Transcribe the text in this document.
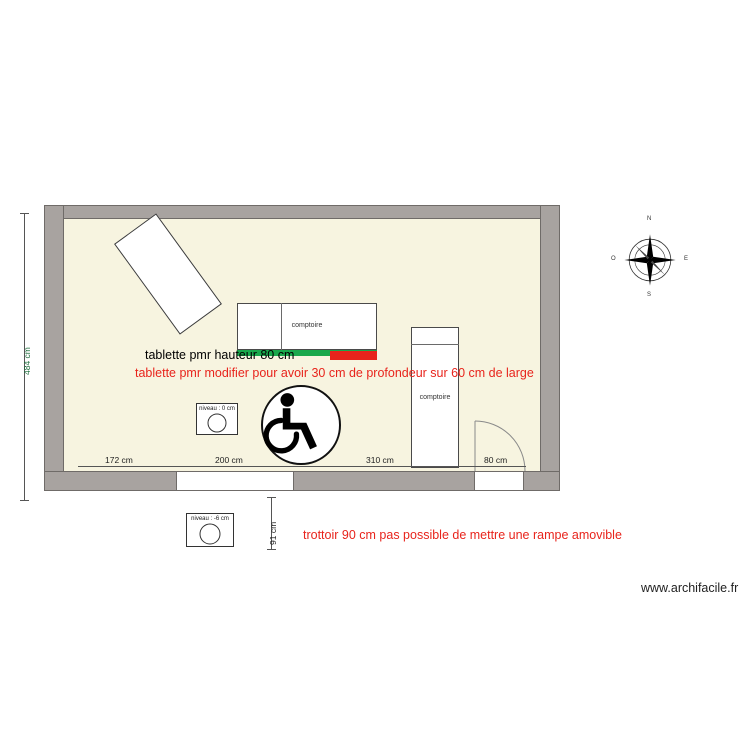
comptoire
comptoire
niveau : 0 cm
niveau : -6 cm
484 cm
172 cm	200 cm	310 cm	80 cm
91 cm
tablette pmr hauteur 80 cm
tablette pmr modifier pour avoir 30 cm de profondeur sur 60 cm de large
trottoir 90 cm pas possible de mettre une rampe amovible
N
S
E
O
www.archifacile.fr
